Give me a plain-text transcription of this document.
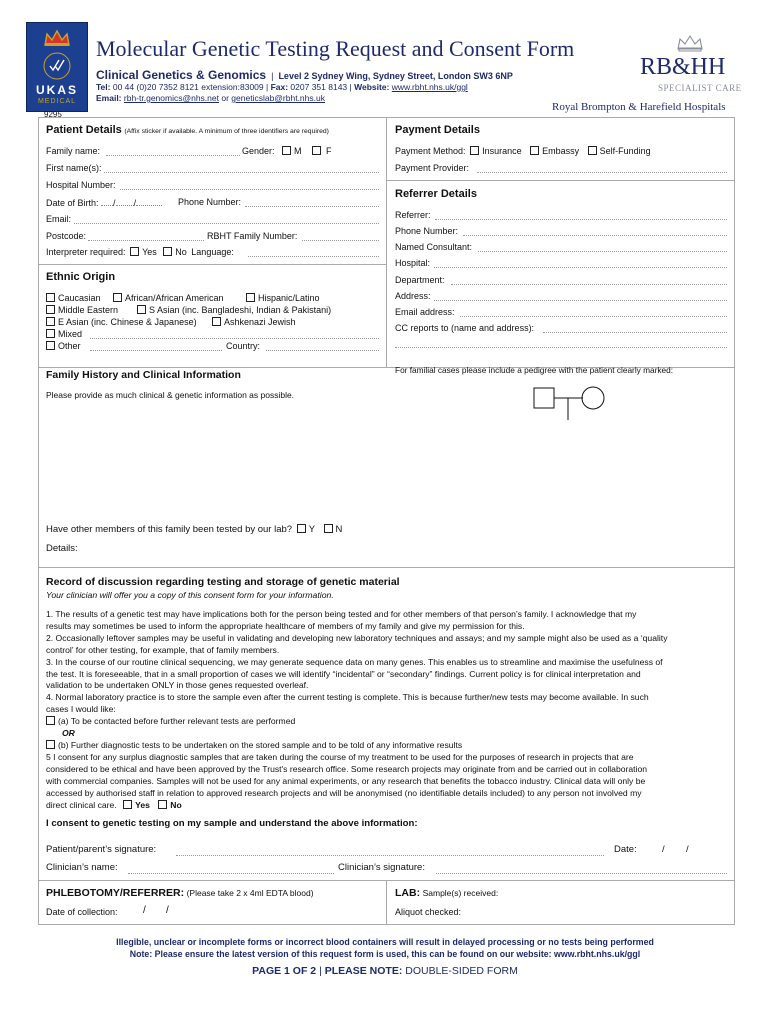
UKAS
MEDICAL
9295
Molecular Genetic Testing Request and Consent Form
Clinical Genetics & Genomics  |  Level 2 Sydney Wing, Sydney Street, London SW3 6NP
Tel: 00 44 (0)20 7352 8121 extension:83009 | Fax: 0207 351 8143 | Website: www.rbht.nhs.uk/ggl
Email: rbh-tr.genomics@nhs.net or geneticslab@rbht.nhs.uk
RB&HH
SPECIALIST CARE
Royal Brompton & Harefield Hospitals
Patient Details (Affix sticker if available. A minimum of three identifiers are required)
Family name:	Gender:	M	F
First name(s):
Hospital Number:
Date of Birth: / /	Phone Number:
Email:
Postcode:	RBHT Family Number:
Interpreter required: Yes No Language:
Ethnic Origin
Caucasian	African/African American	Hispanic/Latino
Middle Eastern	S Asian (inc. Bangladeshi, Indian & Pakistani)
E Asian (inc. Chinese & Japanese)	Ashkenazi Jewish
Mixed
Other	Country:
Payment Details
Payment Method: Insurance Embassy Self-Funding
Payment Provider:
Referrer Details
Referrer:
Phone Number:
Named Consultant:
Hospital:
Department:
Address:
Email address:
CC reports to (name and address):
Family History and Clinical Information	For familial cases please include a pedigree with the patient clearly marked:
Please provide as much clinical & genetic information as possible.
Have other members of this family been tested by our lab? Y N
Details:
Record of discussion regarding testing and storage of genetic material
Your clinician will offer you a copy of this consent form for your information.
1. The results of a genetic test may have implications both for the person being tested and for other members of that person’s family. I acknowledge that my
results may sometimes be used to inform the appropriate healthcare of members of my family and give my permission for this.
2. Occasionally leftover samples may be useful in validating and developing new laboratory techniques and assays; and my sample might also be used as a ‘quality
control’ for other testing, for example, that of family members.
3. In the course of our routine clinical sequencing, we may generate sequence data on many genes. This enables us to streamline and maximise the usefulness of
the test. It is foreseeable, that in a small proportion of cases we will identify “incidental” or “secondary” findings. Current policy is for clinical interpretation and
validation to be undertaken ONLY in those genes requested overleaf.
4. Normal laboratory practice is to store the sample even after the current testing is complete. This is because further/new tests may become available. In such
cases I would like:
(a) To be contacted before further relevant tests are performed
OR
(b) Further diagnostic tests to be undertaken on the stored sample and to be told of any informative results
5 I consent for any surplus diagnostic samples that are taken during the course of my treatment to be used for the purposes of research in projects that are
considered to be ethical and have been approved by the Trust's research office. Some research projects may originate from and be carried out in collaboration
with commercial companies. Samples will not be used for any animal experiments, or any research that benefits the tobacco industry. Clinical data will only be
accessed by authorised staff in relation to approved research projects and will be anonymised (no identifiable details included) to any person not involved my
direct clinical care. Yes No
I consent to genetic testing on my sample and understand the above information:
Patient/parent’s signature:	Date:	/ /
Clinician’s name:	Clinician’s signature:
PHLEBOTOMY/REFERRER: (Please take 2 x 4ml EDTA blood)
Date of collection:	/ /
LAB: Sample(s) received:
Aliquot checked:
Illegible, unclear or incomplete forms or incorrect blood containers will result in delayed processing or no tests being performed
Note: Please ensure the latest version of this request form is used, this can be found on our website: www.rbht.nhs.uk/ggl
PAGE 1 OF 2 | PLEASE NOTE: DOUBLE-SIDED FORM
